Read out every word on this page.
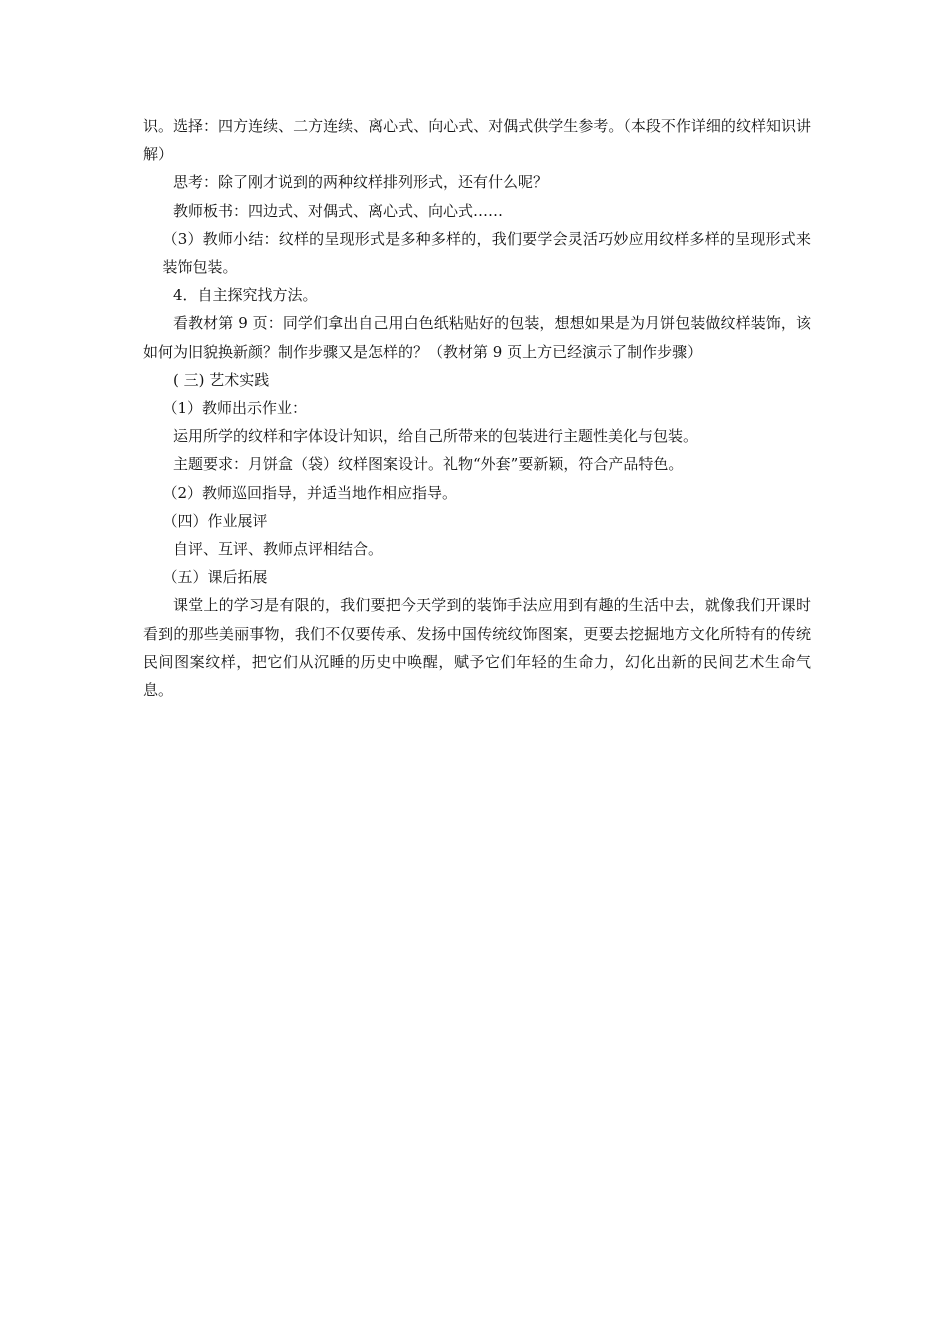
识。选择：四方连续、二方连续、离心式、向心式、对偶式供学生参考。（本段不作详细的纹样知识讲解）

思考：除了刚才说到的两种纹样排列形式，还有什么呢？

教师板书：四边式、对偶式、离心式、向心式……

（3）教师小结：纹样的呈现形式是多种多样的，我们要学会灵活巧妙应用纹样多样的呈现形式来装饰包装。

4．自主探究找方法。

看教材第 9 页：同学们拿出自己用白色纸粘贴好的包装，想想如果是为月饼包装做纹样装饰，该如何为旧貌换新颜？制作步骤又是怎样的？（教材第 9 页上方已经演示了制作步骤）

( 三) 艺术实践

（1）教师出示作业：

运用所学的纹样和字体设计知识，给自己所带来的包装进行主题性美化与包装。

主题要求：月饼盒（袋）纹样图案设计。礼物“外套”要新颖，符合产品特色。

（2）教师巡回指导，并适当地作相应指导。

（四）作业展评

自评、互评、教师点评相结合。

（五）课后拓展

课堂上的学习是有限的，我们要把今天学到的装饰手法应用到有趣的生活中去，就像我们开课时看到的那些美丽事物，我们不仅要传承、发扬中国传统纹饰图案，更要去挖掘地方文化所特有的传统民间图案纹样，把它们从沉睡的历史中唤醒，赋予它们年轻的生命力，幻化出新的民间艺术生命气息。
